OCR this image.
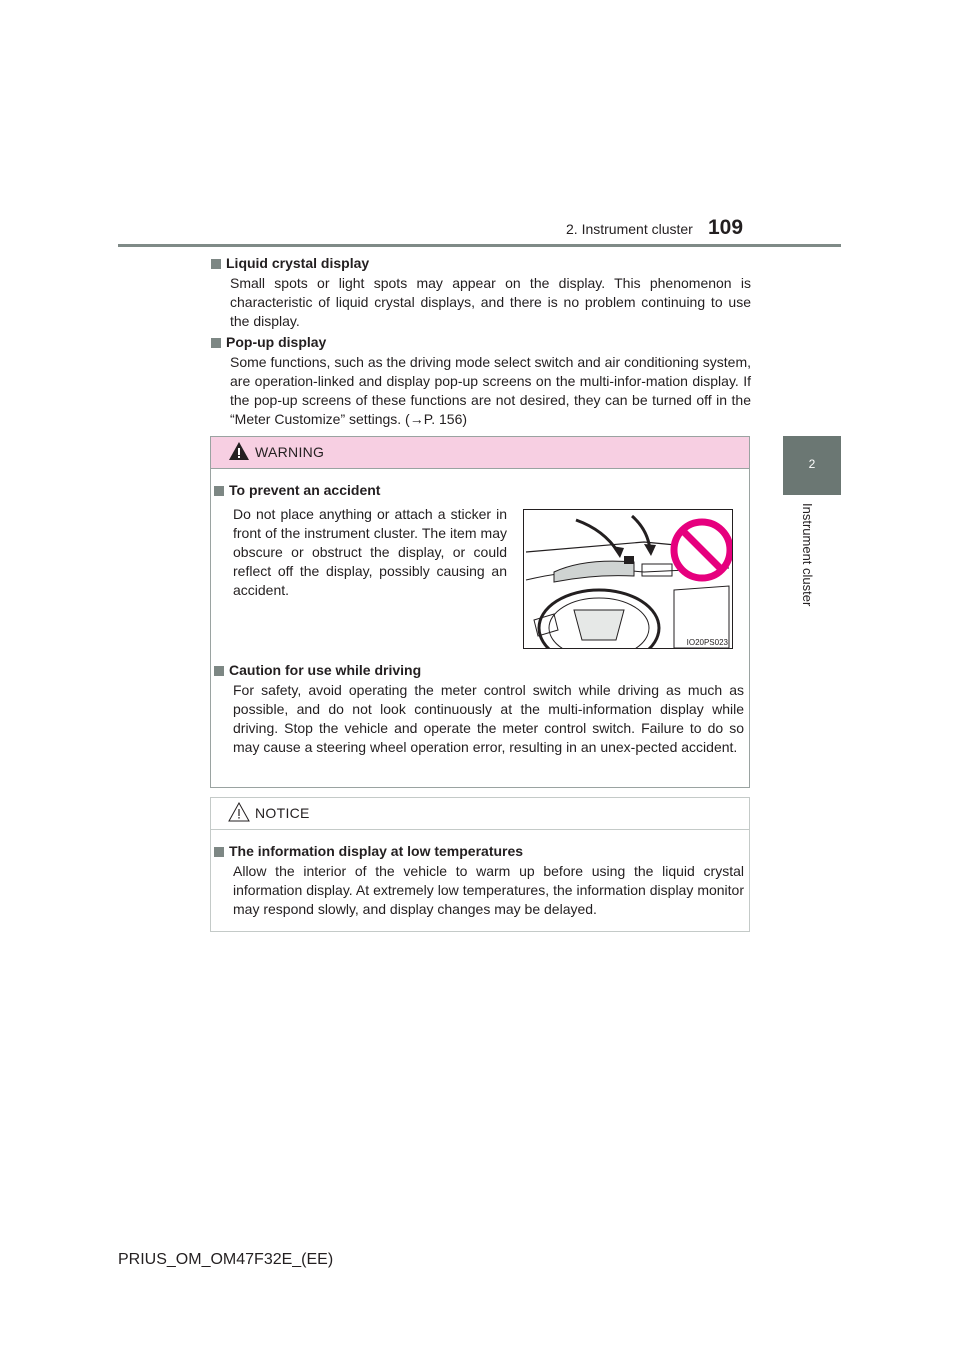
2. Instrument cluster 109
2
Instrument cluster
Liquid crystal display
Small spots or light spots may appear on the display. This phenomenon is characteristic of liquid crystal displays, and there is no problem continuing to use the display.
Pop-up display
Some functions, such as the driving mode select switch and air conditioning system, are operation-linked and display pop-up screens on the multi-infor-mation display. If the pop-up screens of these functions are not desired, they can be turned off in the “Meter Customize” settings. (→P. 156)
WARNING
To prevent an accident
Do not place anything or attach a sticker in front of the instrument cluster. The item may obscure or obstruct the display, or could reflect off the display, possibly causing an accident.
IO20PS023
Caution for use while driving
For safety, avoid operating the meter control switch while driving as much as possible, and do not look continuously at the multi-information display while driving. Stop the vehicle and operate the meter control switch. Failure to do so may cause a steering wheel operation error, resulting in an unex-pected accident.
NOTICE
The information display at low temperatures
Allow the interior of the vehicle to warm up before using the liquid crystal information display. At extremely low temperatures, the information display monitor may respond slowly, and display changes may be delayed.
PRIUS_OM_OM47F32E_(EE)
